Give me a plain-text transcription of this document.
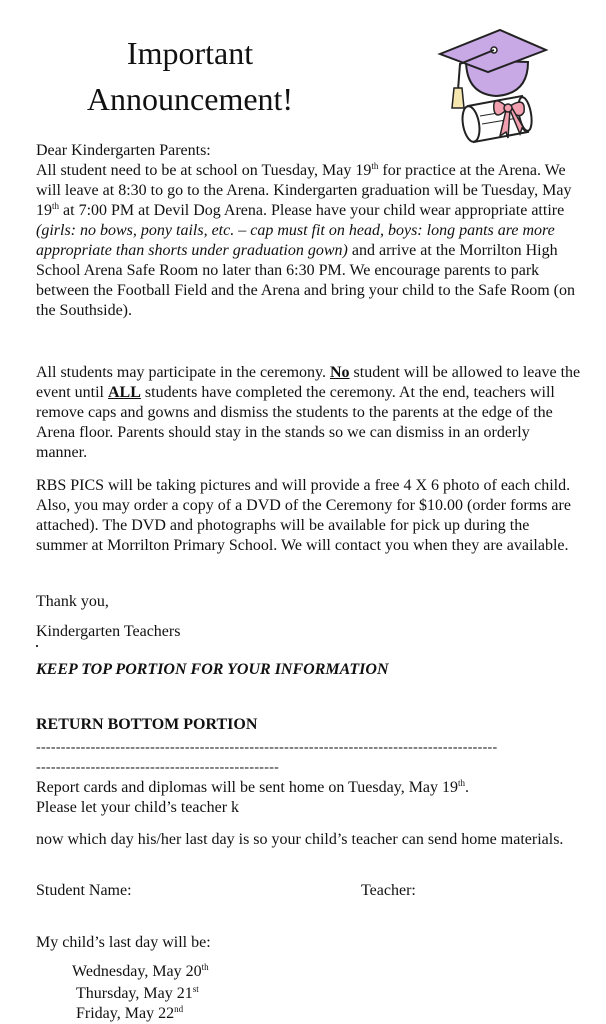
Important
Announcement!

Dear Kindergarten Parents:

All student need to be at school on Tuesday, May 19th for practice at the Arena. We will leave at 8:30 to go to the Arena. Kindergarten graduation will be Tuesday, May 19th at 7:00 PM at Devil Dog Arena. Please have your child wear appropriate attire (girls: no bows, pony tails, etc. – cap must fit on head, boys: long pants are more appropriate than shorts under graduation gown) and arrive at the Morrilton High School Arena Safe Room no later than 6:30 PM. We encourage parents to park between the Football Field and the Arena and bring your child to the Safe Room (on the Southside).

All students may participate in the ceremony. No student will be allowed to leave the event until ALL students have completed the ceremony. At the end, teachers will remove caps and gowns and dismiss the students to the parents at the edge of the Arena floor. Parents should stay in the stands so we can dismiss in an orderly manner.

RBS PICS will be taking pictures and will provide a free 4 X 6 photo of each child. Also, you may order a copy of a DVD of the Ceremony for $10.00 (order forms are attached). The DVD and photographs will be available for pick up during the summer at Morrilton Primary School. We will contact you when they are available.

Thank you,
Kindergarten Teachers
KEEP TOP PORTION FOR YOUR INFORMATION
RETURN BOTTOM PORTION
---------------------------------------------------------------------------------------------
-------------------------------------------------
Report cards and diplomas will be sent home on Tuesday, May 19th.
Please let your child’s teacher k
now which day his/her last day is so your child’s teacher can send home materials.
Student Name:	Teacher:
My child’s last day will be:
Wednesday, May 20th
Thursday, May 21st
Friday, May 22nd
